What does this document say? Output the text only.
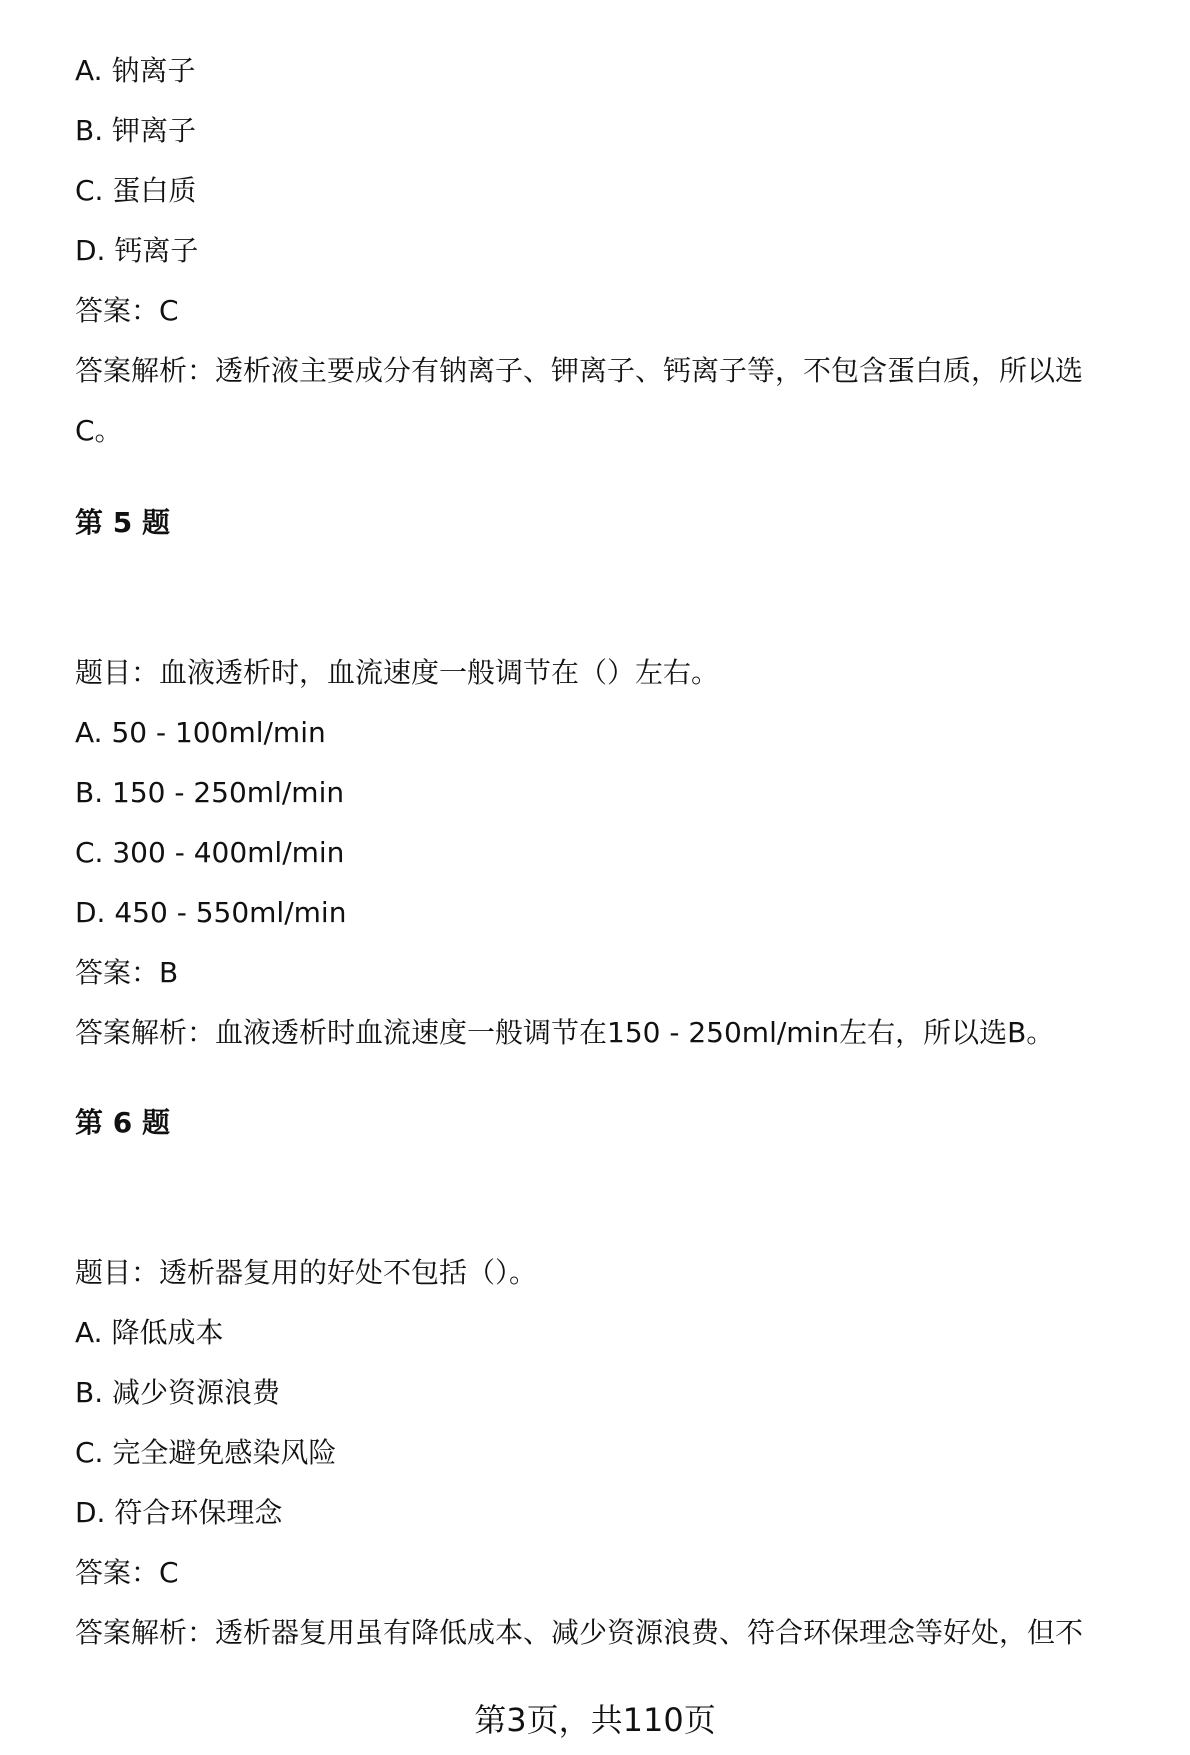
A. 钠离子

B. 钾离子

C. 蛋白质

D. 钙离子

答案：C

答案解析：透析液主要成分有钠离子、钾离子、钙离子等，不包含蛋白质，所以选

C。

第 5 题

题目：血液透析时，血流速度一般调节在（）左右。

A. 50 - 100ml/min

B. 150 - 250ml/min

C. 300 - 400ml/min

D. 450 - 550ml/min

答案：B

答案解析：血液透析时血流速度一般调节在150 - 250ml/min左右，所以选B。

第 6 题

题目：透析器复用的好处不包括（）。

A. 降低成本

B. 减少资源浪费

C. 完全避免感染风险

D. 符合环保理念

答案：C

答案解析：透析器复用虽有降低成本、减少资源浪费、符合环保理念等好处，但不

第3页，共110页
